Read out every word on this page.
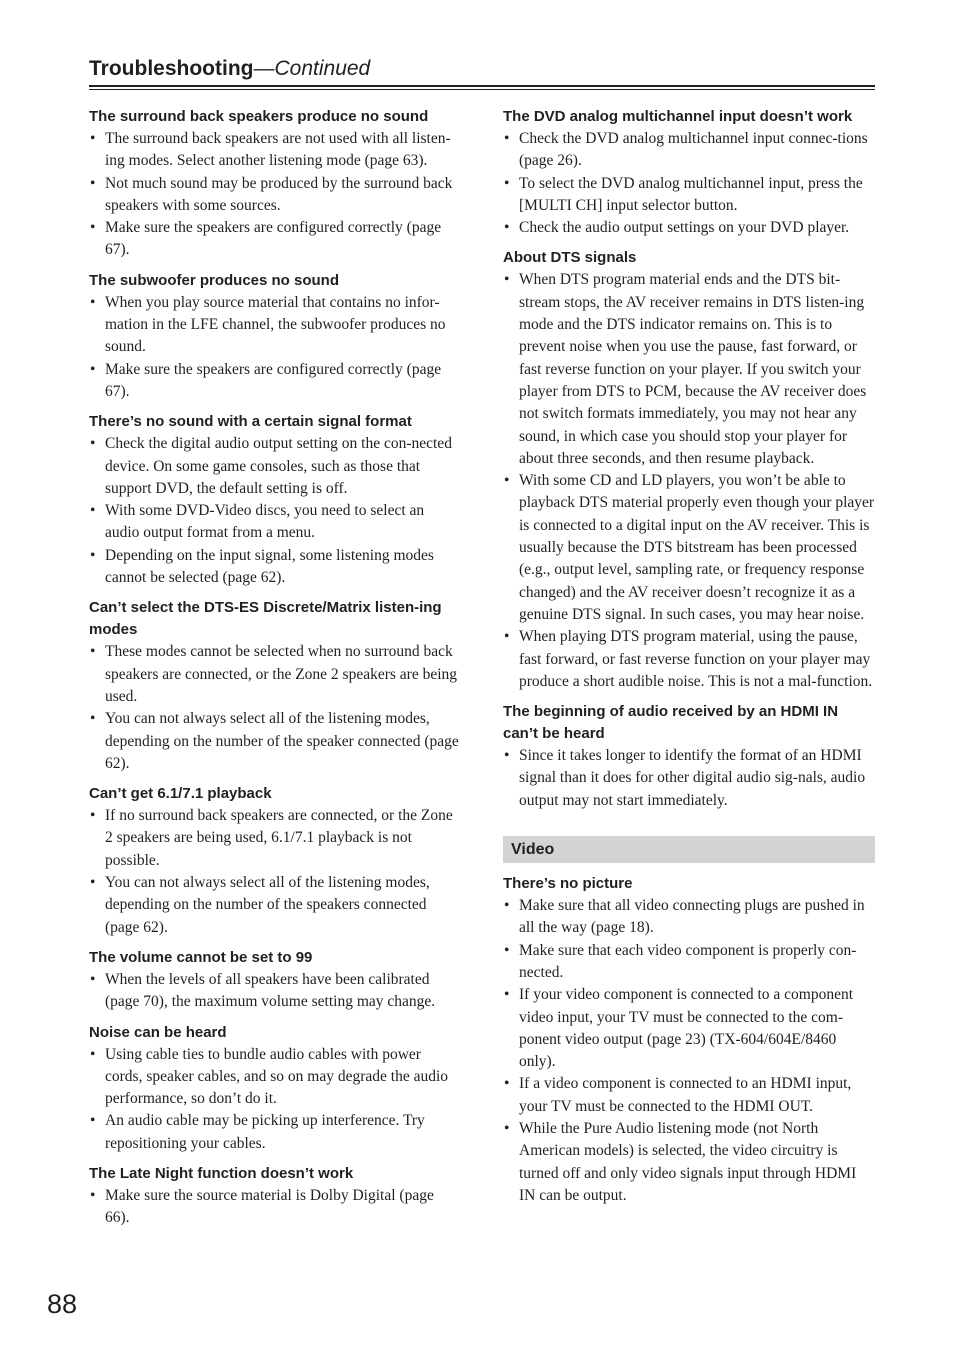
Troubleshooting—Continued
The surround back speakers produce no sound
• The surround back speakers are not used with all listen-ing modes. Select another listening mode (page 63).
• Not much sound may be produced by the surround back speakers with some sources.
• Make sure the speakers are configured correctly (page 67).
The subwoofer produces no sound
• When you play source material that contains no infor-mation in the LFE channel, the subwoofer produces no sound.
• Make sure the speakers are configured correctly (page 67).
There’s no sound with a certain signal format
• Check the digital audio output setting on the con-nected device. On some game consoles, such as those that support DVD, the default setting is off.
• With some DVD-Video discs, you need to select an audio output format from a menu.
• Depending on the input signal, some listening modes cannot be selected (page 62).
Can’t select the DTS-ES Discrete/Matrix listen-ing modes
• These modes cannot be selected when no surround back speakers are connected, or the Zone 2 speakers are being used.
• You can not always select all of the listening modes, depending on the number of the speaker connected (page 62).
Can’t get 6.1/7.1 playback
• If no surround back speakers are connected, or the Zone 2 speakers are being used, 6.1/7.1 playback is not possible.
• You can not always select all of the listening modes, depending on the number of the speakers connected (page 62).
The volume cannot be set to 99
• When the levels of all speakers have been calibrated (page 70), the maximum volume setting may change.
Noise can be heard
• Using cable ties to bundle audio cables with power cords, speaker cables, and so on may degrade the audio performance, so don’t do it.
• An audio cable may be picking up interference. Try repositioning your cables.
The Late Night function doesn’t work
• Make sure the source material is Dolby Digital (page 66).
The DVD analog multichannel input doesn’t work
• Check the DVD analog multichannel input connec-tions (page 26).
• To select the DVD analog multichannel input, press the [MULTI CH] input selector button.
• Check the audio output settings on your DVD player.
About DTS signals
• When DTS program material ends and the DTS bit-stream stops, the AV receiver remains in DTS listen-ing mode and the DTS indicator remains on. This is to prevent noise when you use the pause, fast forward, or fast reverse function on your player. If you switch your player from DTS to PCM, because the AV receiver does not switch formats immediately, you may not hear any sound, in which case you should stop your player for about three seconds, and then resume playback.
• With some CD and LD players, you won’t be able to playback DTS material properly even though your player is connected to a digital input on the AV receiver. This is usually because the DTS bitstream has been processed (e.g., output level, sampling rate, or frequency response changed) and the AV receiver doesn’t recognize it as a genuine DTS signal. In such cases, you may hear noise.
• When playing DTS program material, using the pause, fast forward, or fast reverse function on your player may produce a short audible noise. This is not a mal-function.
The beginning of audio received by an HDMI IN can’t be heard
• Since it takes longer to identify the format of an HDMI signal than it does for other digital audio sig-nals, audio output may not start immediately.
Video
There’s no picture
• Make sure that all video connecting plugs are pushed in all the way (page 18).
• Make sure that each video component is properly con-nected.
• If your video component is connected to a component video input, your TV must be connected to the com-ponent video output (page 23) (TX-604/604E/8460 only).
• If a video component is connected to an HDMI input, your TV must be connected to the HDMI OUT.
• While the Pure Audio listening mode (not North American models) is selected, the video circuitry is turned off and only video signals input through HDMI IN can be output.
88
